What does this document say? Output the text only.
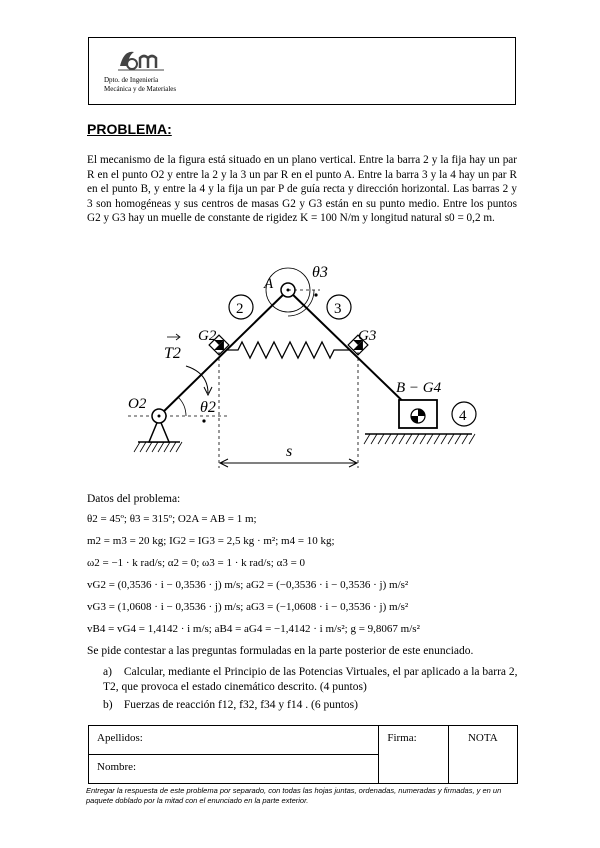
Dpto. de Ingeniería
Mecánica y de Materiales
PROBLEMA:
El mecanismo de la figura está situado en un plano vertical. Entre la barra 2 y la fija hay un par R en el punto O2 y entre la 2 y la 3 un par R en el punto A. Entre la barra 3 y la 4 hay un par R en el punto B, y entre la 4 y la fija un par P de guía recta y dirección horizontal. Las barras 2 y 3 son homogéneas y sus centros de masas G2 y G3 están en su punto medio. Entre los puntos G2 y G3 hay un muelle de constante de rigidez K = 100 N/m y longitud natural s0 = 0,2 m.
θ3
A
2	3
G2	G3
T2
O2	θ2
B − G4
4
s
Datos del problema:
θ2 = 45º; θ3 = 315º; O2A = AB = 1 m;
m2 = m3 = 20 kg; IG2 = IG3 = 2,5 kg · m²; m4 = 10 kg;
ω2 = −1 · k rad/s; α2 = 0; ω3 = 1 · k rad/s; α3 = 0
vG2 = (0,3536 · i − 0,3536 · j) m/s; aG2 = (−0,3536 · i − 0,3536 · j) m/s²
vG3 = (1,0608 · i − 0,3536 · j) m/s; aG3 = (−1,0608 · i − 0,3536 · j) m/s²
vB4 = vG4 = 1,4142 · i m/s; aB4 = aG4 = −1,4142 · i m/s²; g = 9,8067 m/s²
Se pide contestar a las preguntas formuladas en la parte posterior de este enunciado.
a) Calcular, mediante el Principio de las Potencias Virtuales, el par aplicado a la barra 2, T2, que provoca el estado cinemático descrito. (4 puntos)
b) Fuerzas de reacción f12, f32, f34 y f14 . (6 puntos)
Apellidos:	Firma:	NOTA
Nombre:
Entregar la respuesta de este problema por separado, con todas las hojas juntas, ordenadas, numeradas y firmadas, y en un paquete doblado por la mitad con el enunciado en la parte exterior.
